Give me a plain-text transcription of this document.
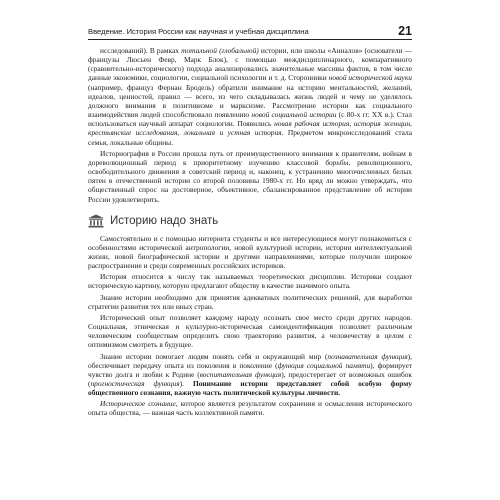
Введение. История России как научная и учебная дисциплина	21

исследований). В рамках тотальной (глобальной) истории, или школы «Анналов» (основатели — французы Люсьен Февр, Марк Блок), с помощью междисциплинарного, компаративного (сравнительно-исторического) подхода анализировались значительные массивы фактов, в том числе данные экономики, социологии, социальной психологии и т. д. Сторонники новой исторической науки (например, француз Фернан Бродель) обратили внимание на историю ментальностей, желаний, идеалов, ценностей, правил — всего, из чего складывалась жизнь людей и чему не уделялось должного внимания в позитивизме и марксизме. Рассмотрение истории как социального взаимодействия людей способствовало появлению новой социальной истории (с 80-х гг. XX в.). Стал использоваться научный аппарат социологии. Появились новая рабочая история, история женщин, крестьянские исследования, локальная и устная история. Предметом микроисследований стала семья, локальные общины.

Историография в России прошла путь от преимущественного внимания к правителям, войнам в дореволюционный период к приоритетному изучению классовой борьбы, революционного, освободительного движения в советский период и, наконец, к устранению многочисленных белых пятен в отечественной истории со второй половины 1980-х гг. Но вряд ли можно утверждать, что общественный спрос на достоверное, объективное, сбалансированное представление об истории России удовлетворить.

Историю надо знать

Самостоятельно и с помощью интернета студенты и все интересующиеся могут познакомиться с особенностями исторической антропологии, новой культурной истории, истории интеллектуальной жизни, новой биографической истории и другими направлениями, которые получили широкое распространение и среди современных российских историков.

История относится к числу так называемых теоретических дисциплин. Историки создают историческую картину, которую предлагают обществу в качестве значимого опыта.

Знание истории необходимо для принятия адекватных политических решений, для выработки стратегии развития тех или иных стран.

Исторический опыт позволяет каждому народу осознать свое место среди других народов. Социальная, этническая и культурно-историческая самоидентификация позволяет различным человеческим сообществам определить свою траекторию развития, а человечеству в целом с оптимизмом смотреть в будущее.

Знание истории помогает людям понять себя и окружающий мир (познавательная функция), обеспечивает передачу опыта из поколения в поколение (функция социальной памяти), формирует чувство долга и любви к Родине (воспитательная функция), предостерегает от возможных ошибок (прогностическая функция). Понимание истории представляет собой особую форму общественного сознания, важную часть политической культуры личности.

Историческое сознание, которое является результатом сохранения и осмысления исторического опыта общества, — важная часть коллективной памяти.
